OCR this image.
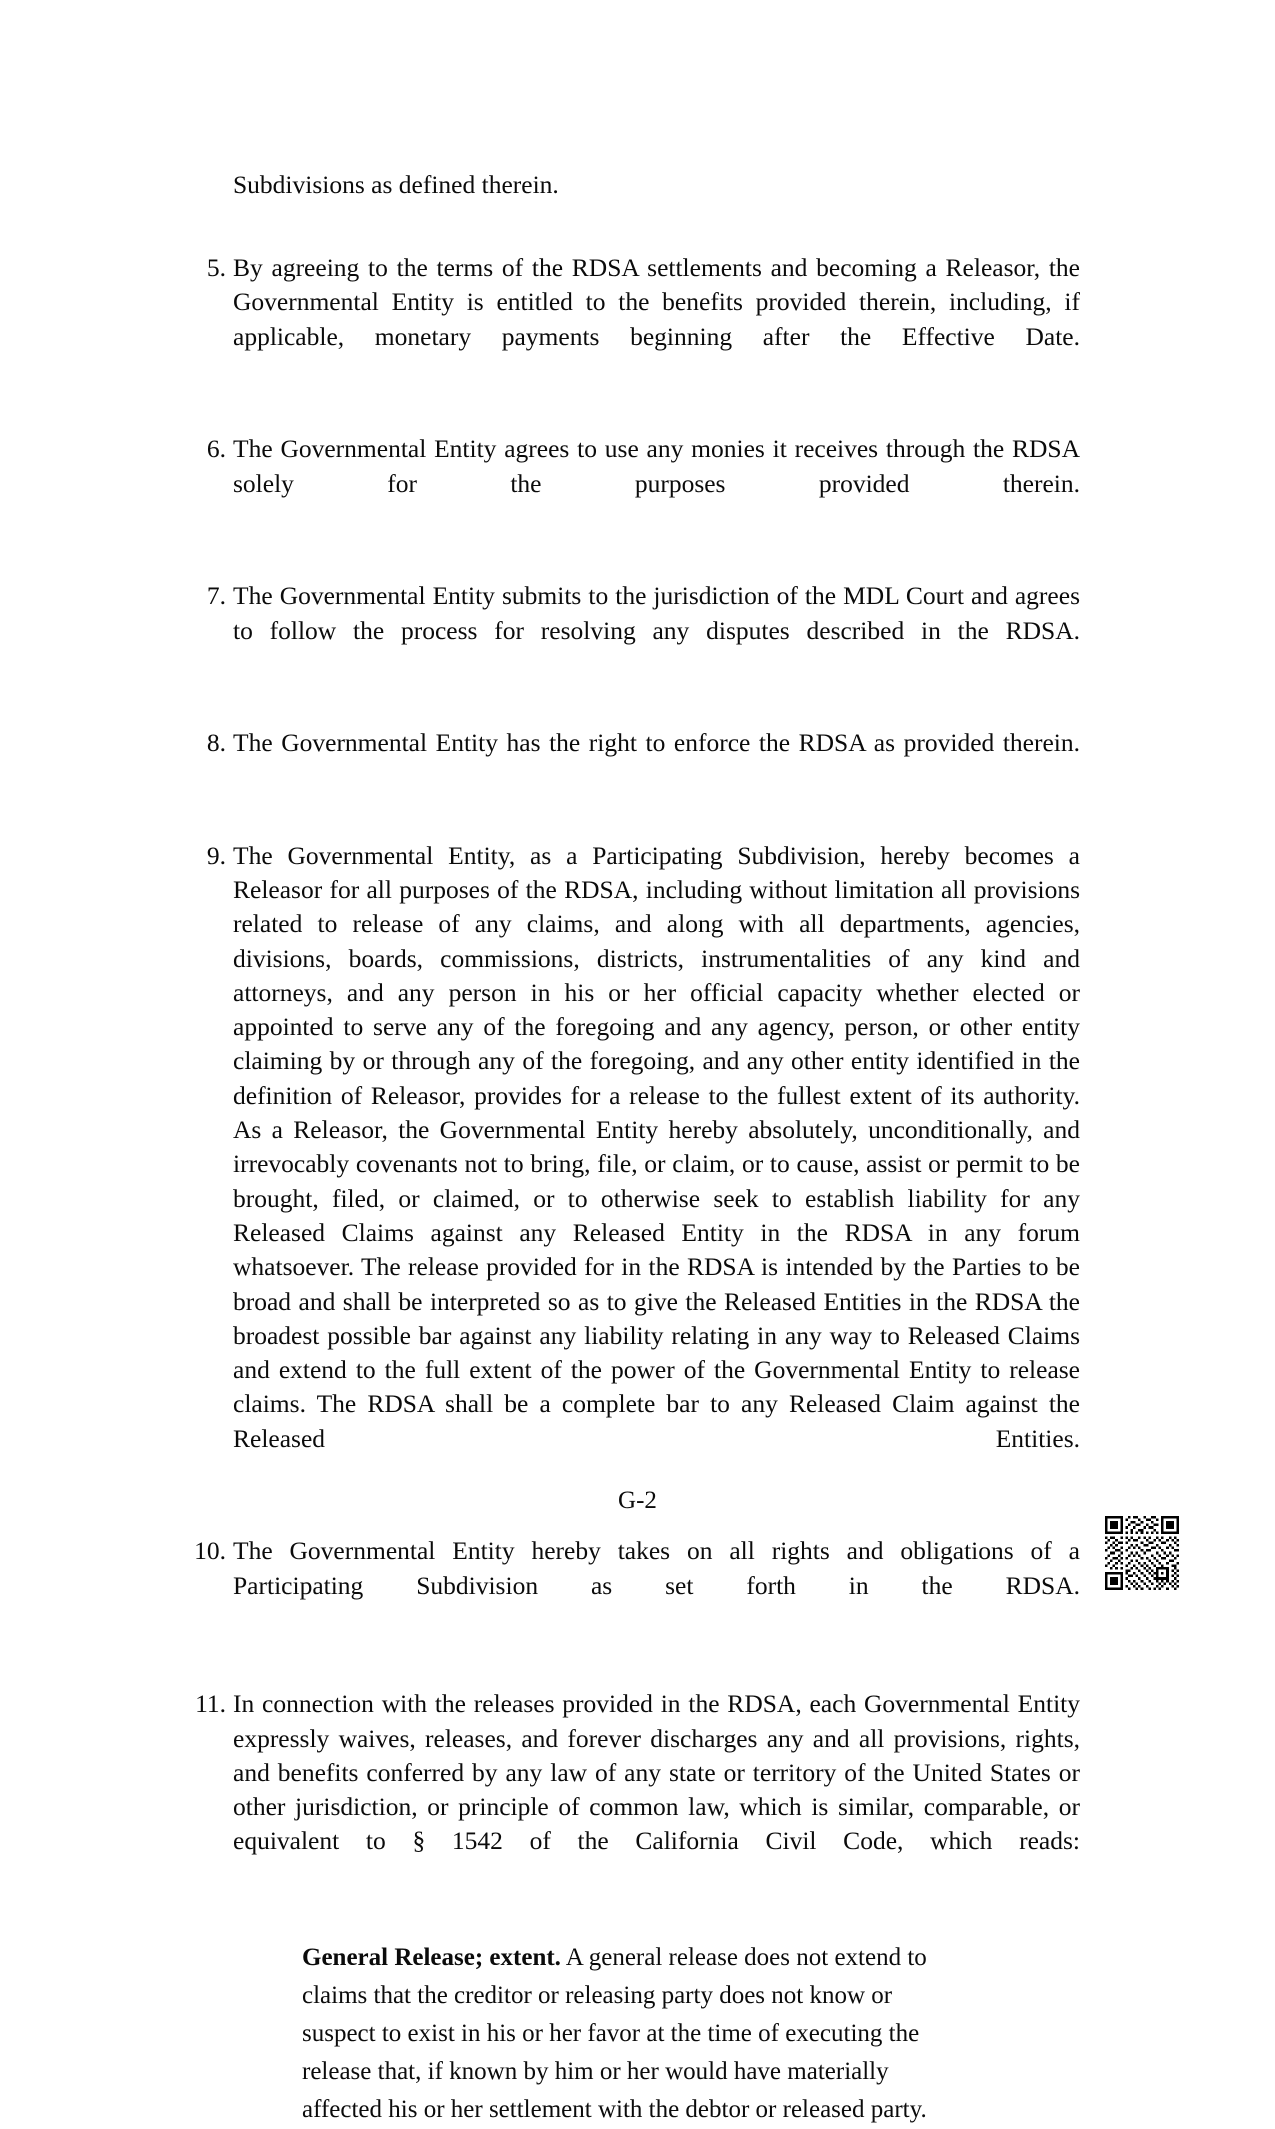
Subdivisions as defined therein.

5. By agreeing to the terms of the RDSA settlements and becoming a Releasor, the Governmental Entity is entitled to the benefits provided therein, including, if applicable, monetary payments beginning after the Effective Date.
6. The Governmental Entity agrees to use any monies it receives through the RDSA solely for the purposes provided therein.
7. The Governmental Entity submits to the jurisdiction of the MDL Court and agrees to follow the process for resolving any disputes described in the RDSA.
8. The Governmental Entity has the right to enforce the RDSA as provided therein.
9. The Governmental Entity, as a Participating Subdivision, hereby becomes a Releasor for all purposes of the RDSA, including without limitation all provisions related to release of any claims, and along with all departments, agencies, divisions, boards, commissions, districts, instrumentalities of any kind and attorneys, and any person in his or her official capacity whether elected or appointed to serve any of the foregoing and any agency, person, or other entity claiming by or through any of the foregoing, and any other entity identified in the definition of Releasor, provides for a release to the fullest extent of its authority. As a Releasor, the Governmental Entity hereby absolutely, unconditionally, and irrevocably covenants not to bring, file, or claim, or to cause, assist or permit to be brought, filed, or claimed, or to otherwise seek to establish liability for any Released Claims against any Released Entity in the RDSA in any forum whatsoever. The release provided for in the RDSA is intended by the Parties to be broad and shall be interpreted so as to give the Released Entities in the RDSA the broadest possible bar against any liability relating in any way to Released Claims and extend to the full extent of the power of the Governmental Entity to release claims. The RDSA shall be a complete bar to any Released Claim against the Released Entities.
10. The Governmental Entity hereby takes on all rights and obligations of a Participating Subdivision as set forth in the RDSA.
11. In connection with the releases provided in the RDSA, each Governmental Entity expressly waives, releases, and forever discharges any and all provisions, rights, and benefits conferred by any law of any state or territory of the United States or other jurisdiction, or principle of common law, which is similar, comparable, or equivalent to § 1542 of the California Civil Code, which reads:
General Release; extent. A general release does not extend to claims that the creditor or releasing party does not know or suspect to exist in his or her favor at the time of executing the release that, if known by him or her would have materially affected his or her settlement with the debtor or released party.
G-2
